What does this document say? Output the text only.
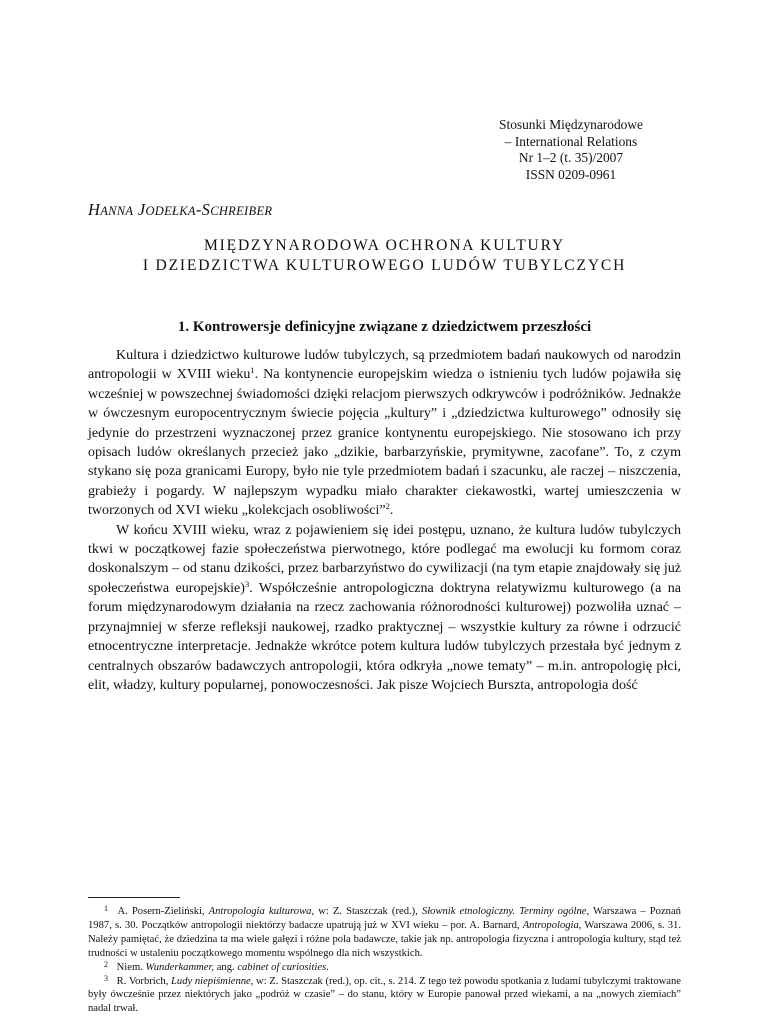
Stosunki Międzynarodowe
– International Relations
Nr 1–2 (t. 35)/2007
ISSN 0209-0961
HANNA JODEŁKA-SCHREIBER
MIĘDZYNARODOWA OCHRONA KULTURY
I DZIEDZICTWA KULTUROWEGO LUDÓW TUBYLCZYCH
1. Kontrowersje definicyjne związane z dziedzictwem przeszłości

Kultura i dziedzictwo kulturowe ludów tubylczych, są przedmiotem badań naukowych od narodzin antropologii w XVIII wieku$^1$. Na kontynencie europejskim wiedza o istnieniu tych ludów pojawiła się wcześniej w powszechnej świadomości dzięki relacjom pierwszych odkrywców i podróżników. Jednakże w ówczesnym europocentrycznym świecie pojęcia „kultury” i „dziedzictwa kulturowego” odnosiły się jedynie do przestrzeni wyznaczonej przez granice kontynentu europejskiego. Nie stosowano ich przy opisach ludów określanych przecież jako „dzikie, barbarzyńskie, prymitywne, zacofane”. To, z czym stykano się poza granicami Europy, było nie tyle przedmiotem badań i szacunku, ale raczej – niszczenia, grabieży i pogardy. W najlepszym wypadku miało charakter ciekawostki, wartej umieszczenia w tworzonych od XVI wieku „kolekcjach osobliwości”$^2$.

W końcu XVIII wieku, wraz z pojawieniem się idei postępu, uznano, że kultura ludów tubylczych tkwi w początkowej fazie społeczeństwa pierwotnego, które podlegać ma ewolucji ku formom coraz doskonalszym – od stanu dzikości, przez barbarzyństwo do cywilizacji (na tym etapie znajdowały się już społeczeństwa europejskie)$^3$. Współcześnie antropologiczna doktryna relatywizmu kulturowego (a na forum międzynarodowym działania na rzecz zachowania różnorodności kulturowej) pozwoliła uznać – przynajmniej w sferze refleksji naukowej, rzadko praktycznej – wszystkie kultury za równe i odrzucić etnocentryczne interpretacje. Jednakże wkrótce potem kultura ludów tubylczych przestała być jednym z centralnych obszarów badawczych antropologii, która odkryła „nowe tematy” – m.in. antropologię płci, elit, władzy, kultury popularnej, ponowoczesności. Jak pisze Wojciech Burszta, antropologia dość

1 A. Posern-Zieliński, Antropologia kulturowa, w: Z. Staszczak (red.), Słownik etnologiczny. Terminy ogólne, Warszawa – Poznań 1987, s. 30. Początków antropologii niektórzy badacze upatrują już w XVI wieku – por. A. Barnard, Antropologia, Warszawa 2006, s. 31. Należy pamiętać, że dziedzina ta ma wiele gałęzi i różne pola badawcze, takie jak np. antropologia fizyczna i antropologia kultury, stąd też trudności w ustaleniu początkowego momentu wspólnego dla nich wszystkich.

2 Niem. Wunderkammer, ang. cabinet of curiosities.

3 R. Vorbrich, Ludy niepiśmienne, w: Z. Staszczak (red.), op. cit., s. 214. Z tego też powodu spotkania z ludami tubylczymi traktowane były ówcześnie przez niektórych jako „podróż w czasie” – do stanu, który w Europie panował przed wiekami, a na „nowych ziemiach” nadal trwał.
